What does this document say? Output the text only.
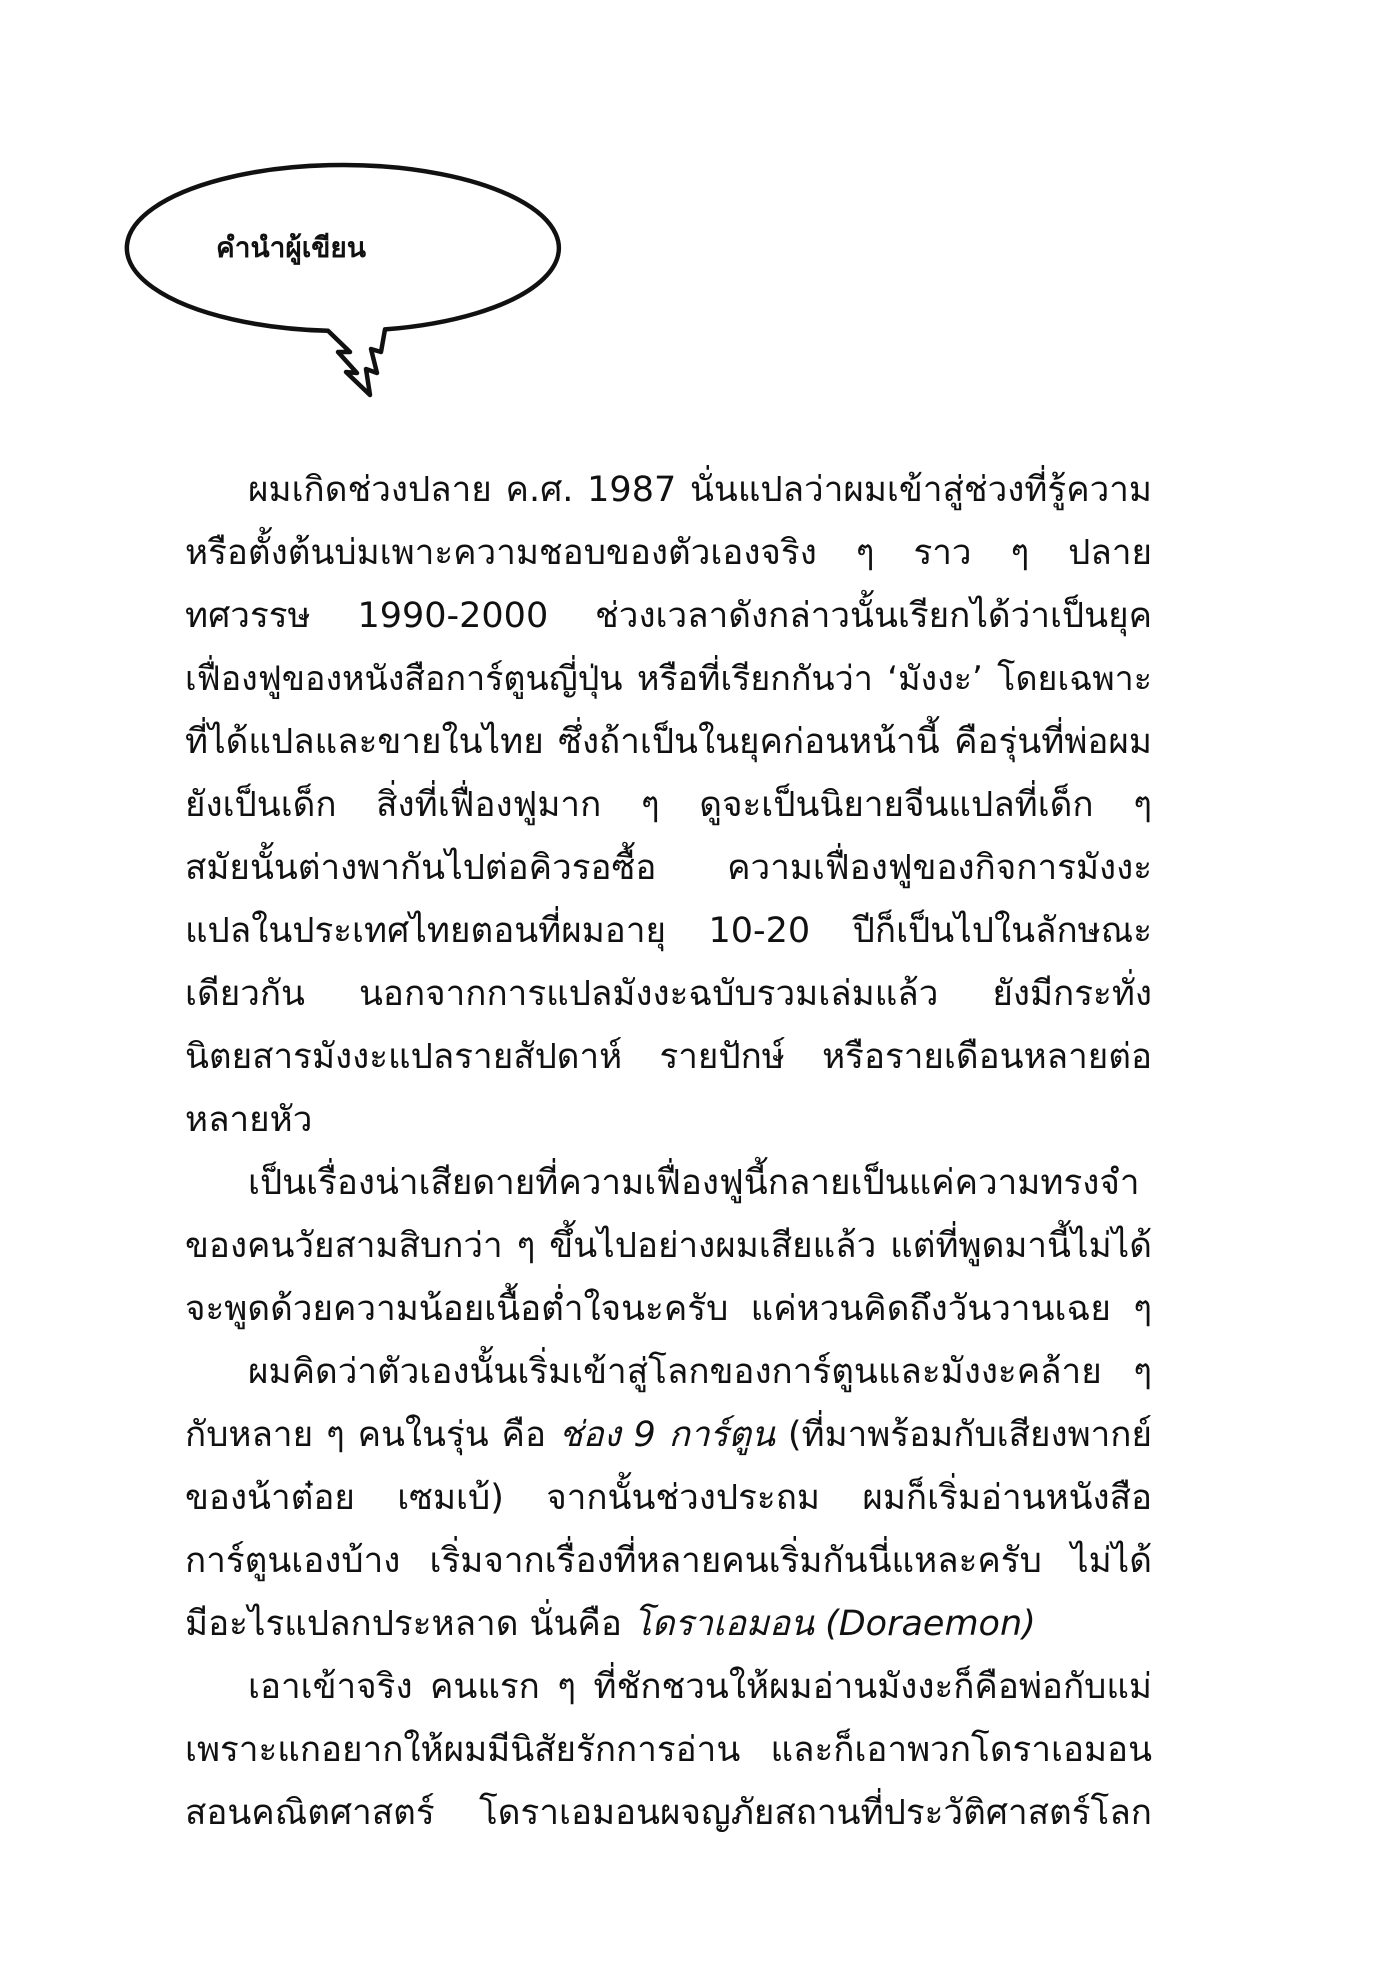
คำนำผู้เขียน
ผมเกิดช่วงปลาย ค.ศ. 1987 นั่นแปลว่าผมเข้าสู่ช่วงที่รู้ความ
หรือตั้งต้นบ่มเพาะความชอบของตัวเองจริง ๆ ราว ๆ ปลาย
ทศวรรษ 1990-2000 ช่วงเวลาดังกล่าวนั้นเรียกได้ว่าเป็นยุค
เฟื่องฟูของหนังสือการ์ตูนญี่ปุ่น หรือที่เรียกกันว่า ‘มังงะ’ โดยเฉพาะ
ที่ได้แปลและขายในไทย ซึ่งถ้าเป็นในยุคก่อนหน้านี้ คือรุ่นที่พ่อผม
ยังเป็นเด็ก สิ่งที่เฟื่องฟูมาก ๆ ดูจะเป็นนิยายจีนแปลที่เด็ก ๆ
สมัยนั้นต่างพากันไปต่อคิวรอซื้อ ความเฟื่องฟูของกิจการมังงะ
แปลในประเทศไทยตอนที่ผมอายุ 10-20 ปีก็เป็นไปในลักษณะ
เดียวกัน นอกจากการแปลมังงะฉบับรวมเล่มแล้ว ยังมีกระทั่ง
นิตยสารมังงะแปลรายสัปดาห์ รายปักษ์ หรือรายเดือนหลายต่อ
หลายหัว
เป็นเรื่องน่าเสียดายที่ความเฟื่องฟูนี้กลายเป็นแค่ความทรงจำ
ของคนวัยสามสิบกว่า ๆ ขึ้นไปอย่างผมเสียแล้ว แต่ที่พูดมานี้ไม่ได้
จะพูดด้วยความน้อยเนื้อต่ำใจนะครับ แค่หวนคิดถึงวันวานเฉย ๆ
ผมคิดว่าตัวเองนั้นเริ่มเข้าสู่โลกของการ์ตูนและมังงะคล้าย ๆ
กับหลาย ๆ คนในรุ่น คือ ช่อง 9 การ์ตูน (ที่มาพร้อมกับเสียงพากย์
ของน้าต๋อย เซมเบ้) จากนั้นช่วงประถม ผมก็เริ่มอ่านหนังสือ
การ์ตูนเองบ้าง เริ่มจากเรื่องที่หลายคนเริ่มกันนี่แหละครับ ไม่ได้
มีอะไรแปลกประหลาด นั่นคือ โดราเอมอน (Doraemon)
เอาเข้าจริง คนแรก ๆ ที่ชักชวนให้ผมอ่านมังงะก็คือพ่อกับแม่
เพราะแกอยากให้ผมมีนิสัยรักการอ่าน และก็เอาพวกโดราเอมอน
สอนคณิตศาสตร์ โดราเอมอนผจญภัยสถานที่ประวัติศาสตร์โลก
